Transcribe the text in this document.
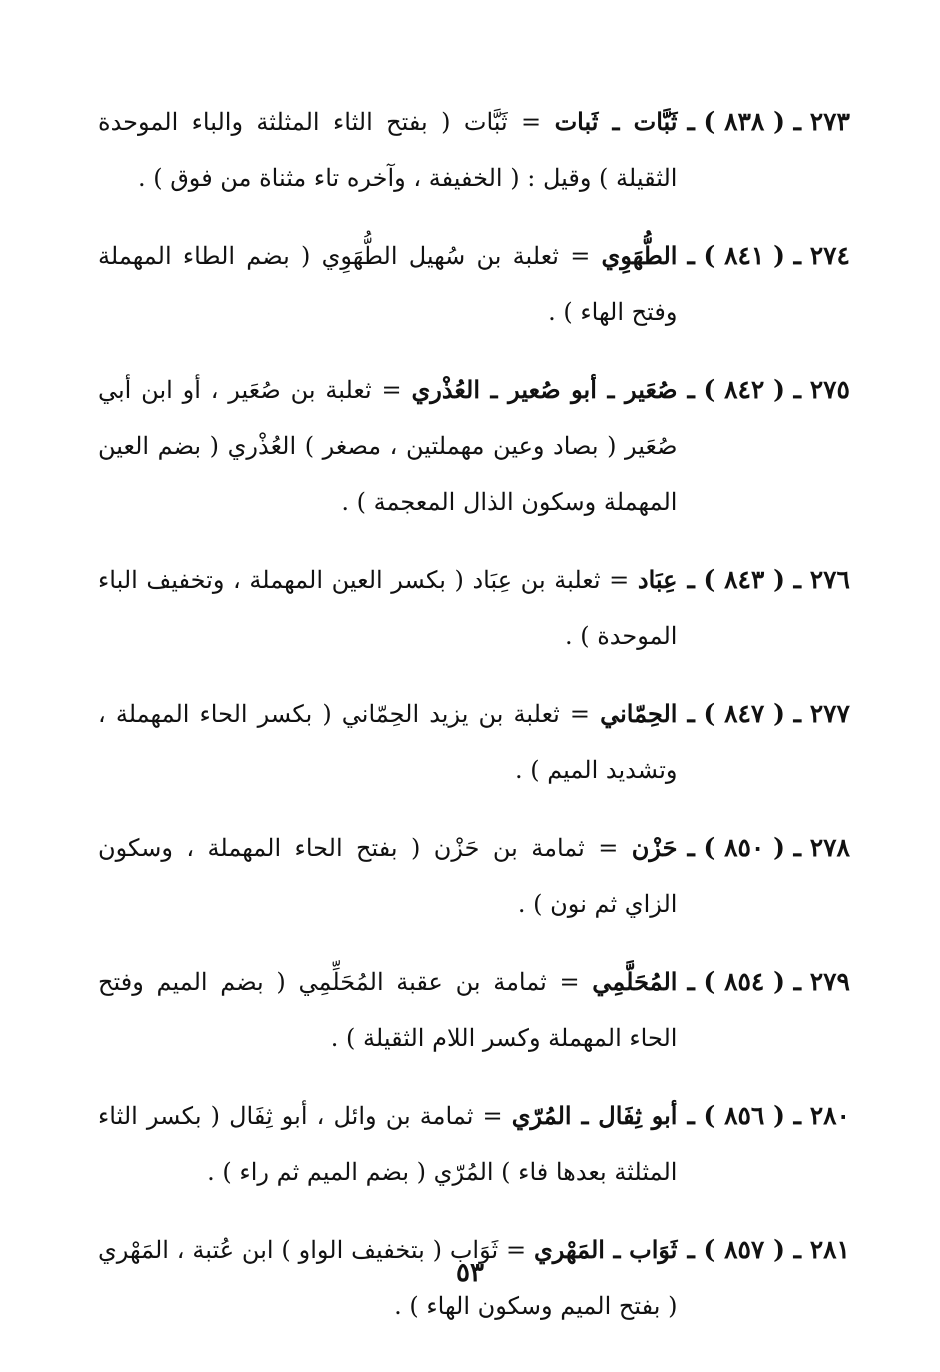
٢٧٣ ـ ( ٨٣٨ ) ـ
ثَبَّات ـ ثَبات = ثَبَّات ( بفتح الثاء المثلثة والباء الموحدة الثقيلة ) وقيل : ( الخفيفة ، وآخره تاء مثناة من فوق ) .
٢٧٤ ـ ( ٨٤١ ) ـ
الطُّهَوِي = ثعلبة بن سُهيل الطُّهَوِي ( بضم الطاء المهملة وفتح الهاء ) .
٢٧٥ ـ ( ٨٤٢ ) ـ
صُعَير ـ أبو صُعير ـ العُذْري = ثعلبة بن صُعَير ، أو ابن أبي صُعَير ( بصاد وعين مهملتين ، مصغر ) العُذْري ( بضم العين المهملة وسكون الذال المعجمة ) .
٢٧٦ ـ ( ٨٤٣ ) ـ
عِبَاد = ثعلبة بن عِبَاد ( بكسر العين المهملة ، وتخفيف الباء الموحدة ) .
٢٧٧ ـ ( ٨٤٧ ) ـ
الحِمّاني = ثعلبة بن يزيد الحِمّاني ( بكسر الحاء المهملة ، وتشديد الميم ) .
٢٧٨ ـ ( ٨٥٠ ) ـ
حَزْن = ثمامة بن حَزْن ( بفتح الحاء المهملة ، وسكون الزاي ثم نون ) .
٢٧٩ ـ ( ٨٥٤ ) ـ
المُحَلَّمِي = ثمامة بن عقبة المُحَلِّمِي ( بضم الميم وفتح الحاء المهملة وكسر اللام الثقيلة ) .
٢٨٠ ـ ( ٨٥٦ ) ـ
أبو ثِفَال ـ المُرّي = ثمامة بن وائل ، أبو ثِفَال ( بكسر الثاء المثلثة بعدها فاء ) المُرّي ( بضم الميم ثم راء ) .
٢٨١ ـ ( ٨٥٧ ) ـ
ثَوَاب ـ المَهْري = ثَوَاب ( بتخفيف الواو ) ابن عُتبة ، المَهْري ( بفتح الميم وسكون الهاء ) .
٥٣
